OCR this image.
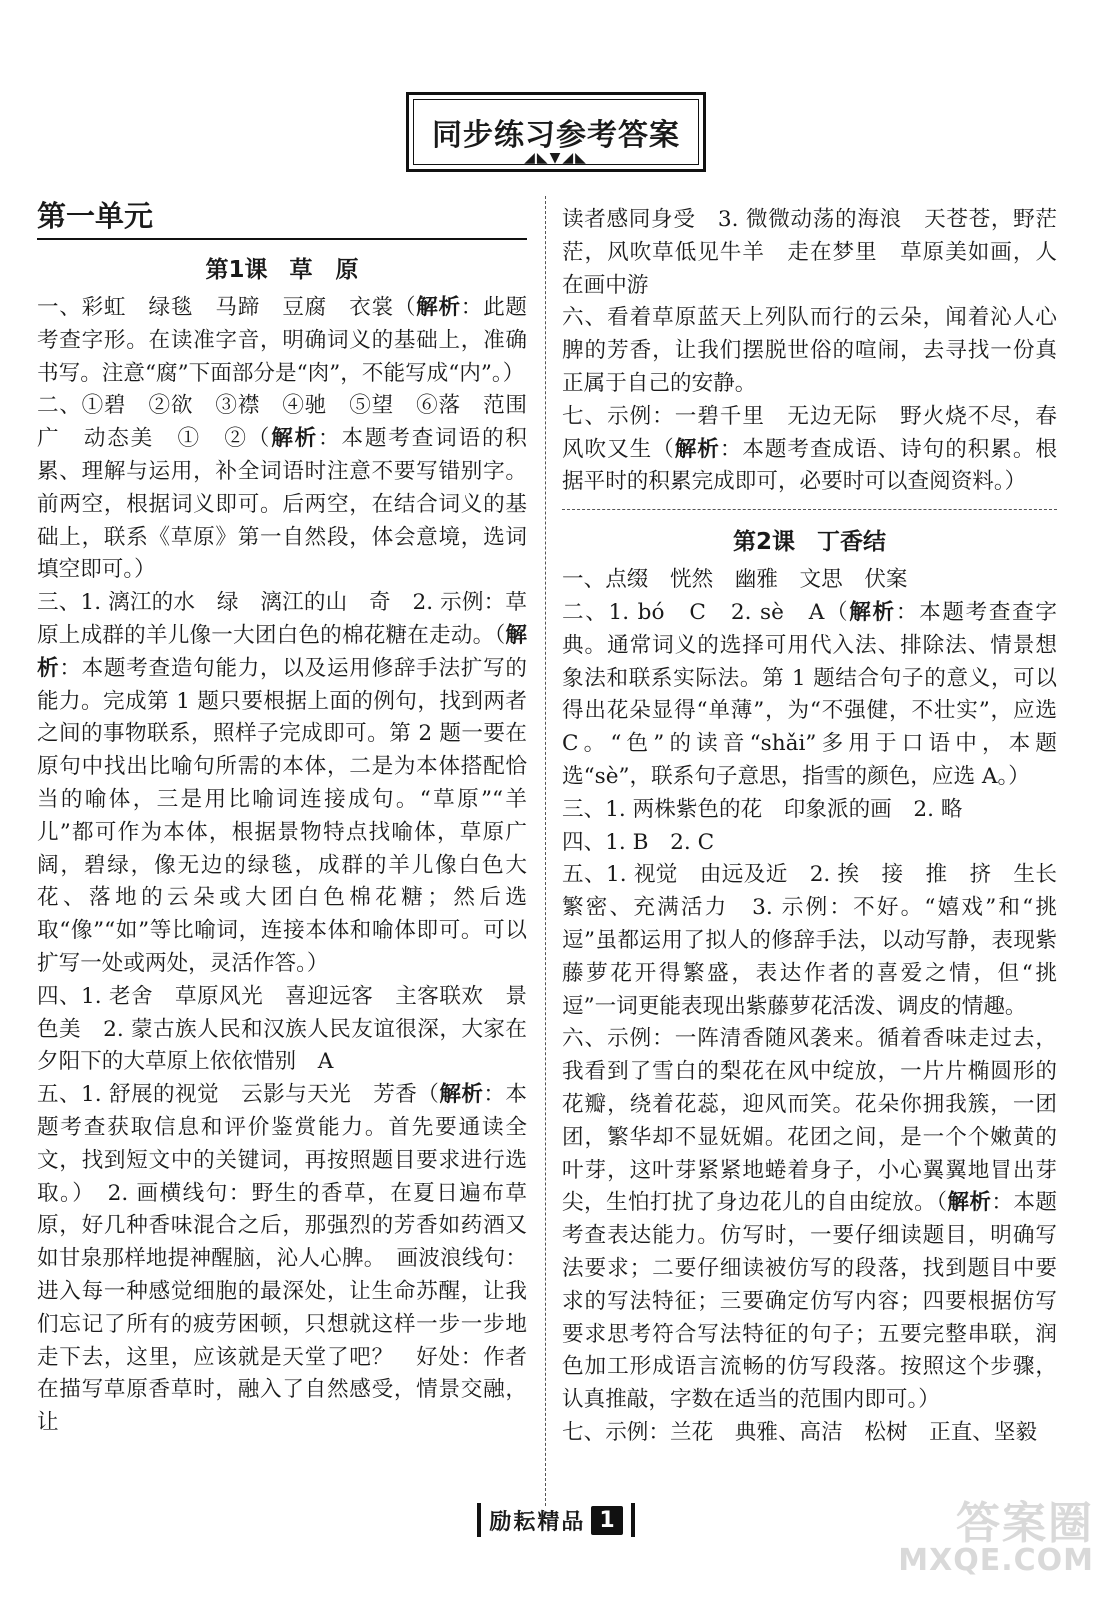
同步练习参考答案
◢◣▼◢◣
第一单元
第1课 草　原

一、彩虹　绿毯　马蹄　豆腐　衣裳（解析：此题考查字形。在读准字音，明确词义的基础上，准确书写。注意“腐”下面部分是“肉”，不能写成“内”。）

二、①碧　②欲　③襟　④驰　⑤望　⑥落　范围广　动态美　①　②（解析：本题考查词语的积累、理解与运用，补全词语时注意不要写错别字。前两空，根据词义即可。后两空，在结合词义的基础上，联系《草原》第一自然段，体会意境，选词填空即可。）

三、1. 漓江的水　绿　漓江的山　奇　2. 示例：草原上成群的羊儿像一大团白色的棉花糖在走动。（解析：本题考查造句能力，以及运用修辞手法扩写的能力。完成第 1 题只要根据上面的例句，找到两者之间的事物联系，照样子完成即可。第 2 题一要在原句中找出比喻句所需的本体，二是为本体搭配恰当的喻体，三是用比喻词连接成句。“草原”“羊儿”都可作为本体，根据景物特点找喻体，草原广阔，碧绿，像无边的绿毯，成群的羊儿像白色大花、落地的云朵或大团白色棉花糖；然后选取“像”“如”等比喻词，连接本体和喻体即可。可以扩写一处或两处，灵活作答。）

四、1. 老舍　草原风光　喜迎远客　主客联欢　景色美　2. 蒙古族人民和汉族人民友谊很深，大家在夕阳下的大草原上依依惜别　A

五、1. 舒展的视觉　云影与天光　芳香（解析：本题考查获取信息和评价鉴赏能力。首先要通读全文，找到短文中的关键词，再按照题目要求进行选取。）　2. 画横线句：野生的香草，在夏日遍布草原，好几种香味混合之后，那强烈的芳香如药酒又如甘泉那样地提神醒脑，沁人心脾。　画波浪线句：进入每一种感觉细胞的最深处，让生命苏醒，让我们忘记了所有的疲劳困顿，只想就这样一步一步地走下去，这里，应该就是天堂了吧？　好处：作者在描写草原香草时，融入了自然感受，情景交融，让

读者感同身受　3. 微微动荡的海浪　天苍苍，野茫茫，风吹草低见牛羊　走在梦里　草原美如画，人在画中游

六、看着草原蓝天上列队而行的云朵，闻着沁人心脾的芳香，让我们摆脱世俗的喧闹，去寻找一份真正属于自己的安静。

七、示例：一碧千里　无边无际　野火烧不尽，春风吹又生（解析：本题考查成语、诗句的积累。根据平时的积累完成即可，必要时可以查阅资料。）

第2课 丁香结

一、点缀　恍然　幽雅　文思　伏案

二、1. bó　C　2. sè　A（解析：本题考查查字典。通常词义的选择可用代入法、排除法、情景想象法和联系实际法。第 1 题结合句子的意义，可以得出花朵显得“单薄”，为“不强健，不壮实”，应选 C。“色”的读音“shǎi”多用于口语中，本题选“sè”，联系句子意思，指雪的颜色，应选 A。）

三、1. 两株紫色的花　印象派的画　2. 略

四、1. B　2. C

五、1. 视觉　由远及近　2. 挨　接　推　挤　生长繁密、充满活力　3. 示例：不好。“嬉戏”和“挑逗”虽都运用了拟人的修辞手法，以动写静，表现紫藤萝花开得繁盛，表达作者的喜爱之情，但“挑逗”一词更能表现出紫藤萝花活泼、调皮的情趣。

六、示例：一阵清香随风袭来。循着香味走过去，我看到了雪白的梨花在风中绽放，一片片椭圆形的花瓣，绕着花蕊，迎风而笑。花朵你拥我簇，一团团，繁华却不显妩媚。花团之间，是一个个嫩黄的叶芽，这叶芽紧紧地蜷着身子，小心翼翼地冒出芽尖，生怕打扰了身边花儿的自由绽放。（解析：本题考查表达能力。仿写时，一要仔细读题目，明确写法要求；二要仔细读被仿写的段落，找到题目中要求的写法特征；三要确定仿写内容；四要根据仿写要求思考符合写法特征的句子；五要完整串联，润色加工形成语言流畅的仿写段落。按照这个步骤，认真推敲，字数在适当的范围内即可。）

七、示例：兰花　典雅、高洁　松树　正直、坚毅

励耘精品 1	答案圈
MXQE.COM
